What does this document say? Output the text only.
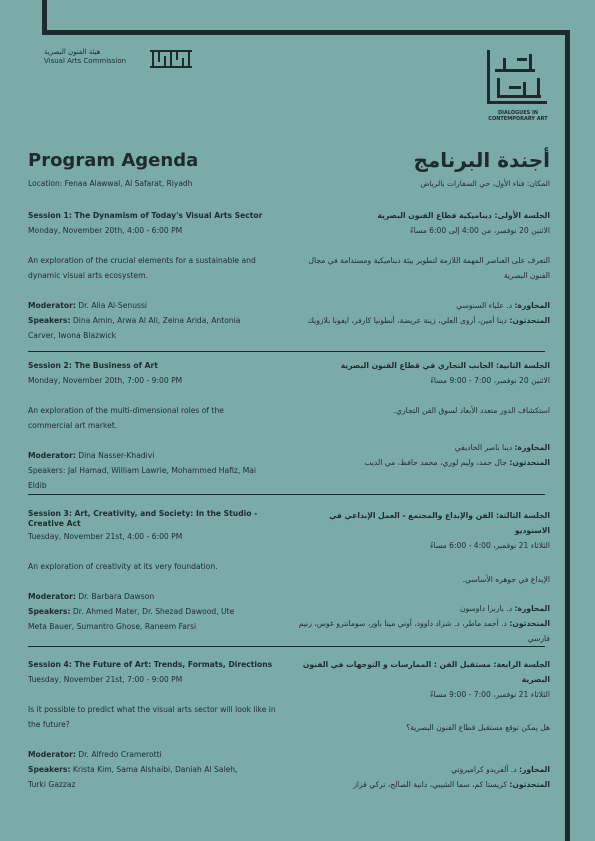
هيئة الفنون البصرية
Visual Arts Commission
DIALOGUES IN
CONTEMPORARY ART
Program Agenda	أجندة البرنامج
Location: Fenaa Alawwal, Al Safarat, Riyadh	المكان: فناء الأول، حي السفارات بالرياض

Session 1: The Dynamism of Today's Visual Arts Sector

Monday, November 20th, 4:00 - 6:00 PM

An exploration of the crucial elements for a sustainable and dynamic visual arts ecosystem.

Moderator: Dr. Alia Al-Senussi

Speakers: Dina Amin, Arwa Al Ali, Zeina Arida, Antonia Carver, Iwona Blazwick

الجلسة الأولى: ديناميكية قطاع الفنون البصرية

الاثنين 20 نوفمبر، من 4:00 إلى 6:00 مساءً

التعرف على العناصر المهمة اللازمة لتطوير بيئة ديناميكية ومستدامة في مجال الفنون البصرية

المحاورة: د. علياء السنوسي

المتحدثون: دينا أمين، أروى العلي، زينة عريضة، أنطونيا كارفر، ايفونا بلازويك

Session 2: The Business of Art

Monday, November 20th, 7:00 - 9:00 PM

An exploration of the multi-dimensional roles of the commercial art market.

Moderator: Dina Nasser-Khadivi

Speakers: Jal Hamad, William Lawrie, Mohammed Hafiz, Mai Eldib

الجلسة الثانية: الجانب التجاري في قطاع الفنون البصرية

الاثنين 20 نوفمبر، 7:00 - 9:00 مساءً

استكشاف الدور متعدد الأبعاد لسوق الفن التجاري.

المحاورة: دينا ناصر الخاديفي

المتحدثون: جال حمد، وليم لوري، محمد حافظ، مي الديب

Session 3: Art, Creativity, and Society: In the Studio - Creative Act

Tuesday, November 21st, 4:00 - 6:00 PM

An exploration of creativity at its very foundation.

Moderator: Dr. Barbara Dawson

Speakers: Dr. Ahmed Mater, Dr. Shezad Dawood, Ute Meta Bauer, Sumantro Ghose, Raneem Farsi

الجلسة الثالثة: الفن والإبداع والمجتمع - العمل الإبداعي في الاستوديو

الثلاثاء 21 نوفمبر، 4:00 - 6:00 مساءً

الإبداع في جوهره الأساسي.

المحاورة: د. باربرا داوسون

المتحدثون: د. أحمد ماطر، د. شزاد داوود، أوتي ميتا باور، سومانترو غوس، رنيم فارسي

Session 4: The Future of Art: Trends, Formats, Directions

Tuesday, November 21st, 7:00 - 9:00 PM

Is it possible to predict what the visual arts sector will look like in the future?

Moderator: Dr. Alfredo Cramerotti

Speakers: Krista Kim, Sama Alshaibi, Daniah Al Saleh, Turki Gazzaz

الجلسة الرابعة: مستقبل الفن : الممارسات و التوجهات في الفنون البصرية

الثلاثاء 21 نوفمبر، 7:00 - 9:00 مساءً

هل يمكن توقع مستقبل قطاع الفنون البصرية؟

المحاور: د. ألفريدو كراميروتي

المتحدثون: كريستا كم، سما الشيبي، دانية الصالح، تركي قزاز
